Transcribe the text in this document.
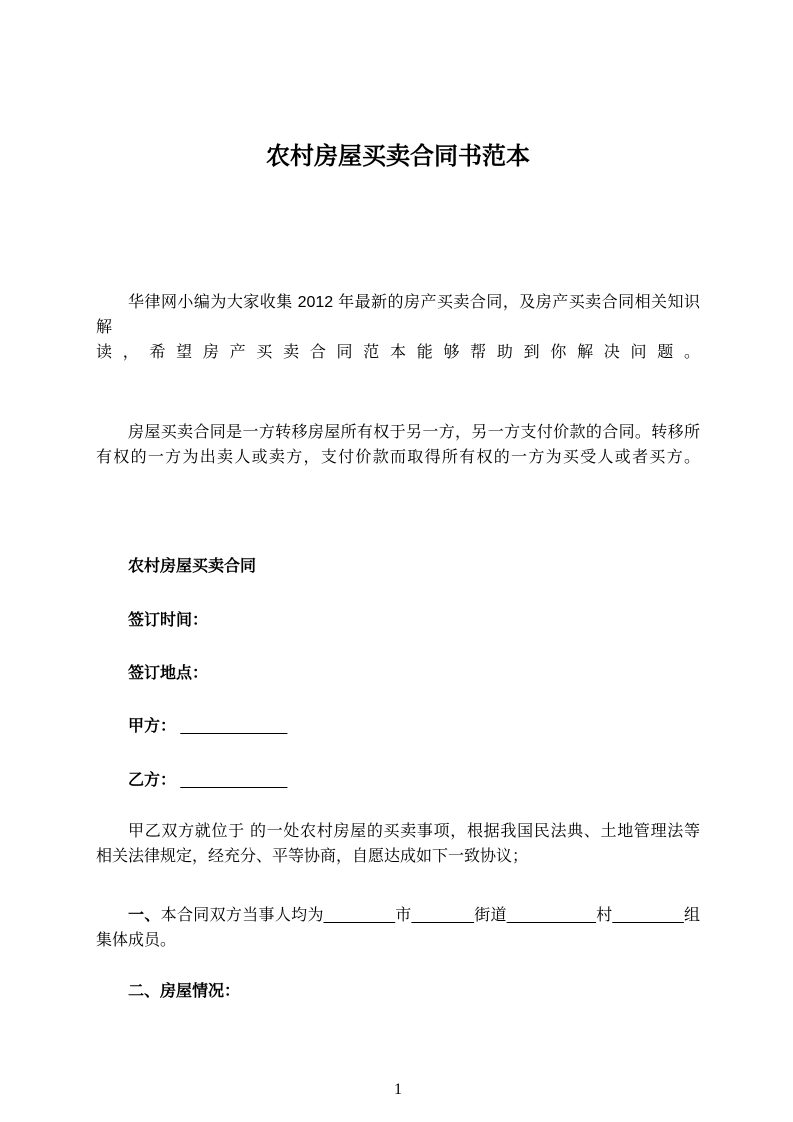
农村房屋买卖合同书范本
华律网小编为大家收集 2012 年最新的房产买卖合同，及房产买卖合同相关知识解
读，希望房产买卖合同范本能够帮助到你解决问题。
房屋买卖合同是一方转移房屋所有权于另一方，另一方支付价款的合同。转移所
有权的一方为出卖人或卖方，支付价款而取得所有权的一方为买受人或者买方。
农村房屋买卖合同
签订时间：
签订地点：
甲方： ____________
乙方： ____________
甲乙双方就位于 的一处农村房屋的买卖事项，根据我国民法典、土地管理法等
相关法律规定，经充分、平等协商，自愿达成如下一致协议；
一、本合同双方当事人均为________市_______街道__________村________组
集体成员。
二、房屋情况：
1
